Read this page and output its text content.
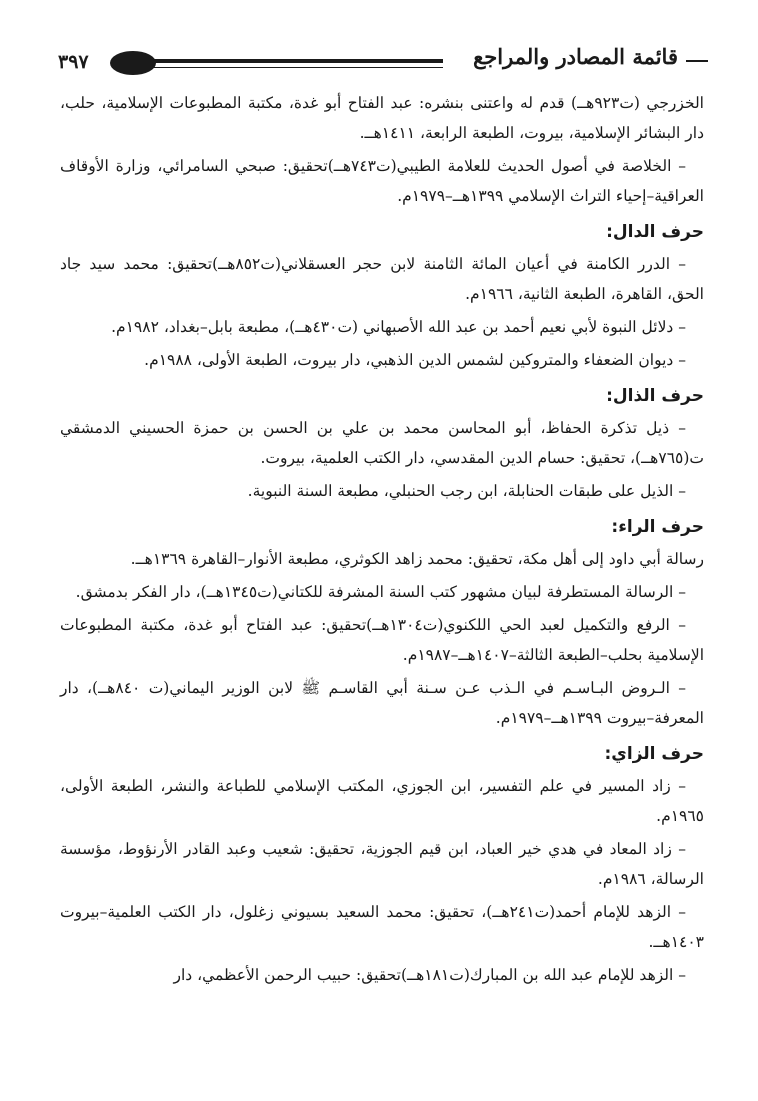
قائمة المصادر والمراجع
٣٩٧

الخزرجي (ت٩٢٣هــ) قدم له واعتنى بنشره: عبد الفتاح أبو غدة، مكتبة المطبوعات الإسلامية، حلب، دار البشائر الإسلامية، بيروت، الطبعة الرابعة، ١٤١١هــ.

– الخلاصة في أصول الحديث للعلامة الطيبي(ت٧٤٣هــ)تحقيق: صبحي السامرائي، وزارة الأوقاف العراقية–إحياء التراث الإسلامي ١٣٩٩هــ–١٩٧٩م.

حرف الدال:

– الدرر الكامنة في أعيان المائة الثامنة لابن حجر العسقلاني(ت٨٥٢هــ)تحقيق: محمد سيد جاد الحق، القاهرة، الطبعة الثانية، ١٩٦٦م.

– دلائل النبوة لأبي نعيم أحمد بن عبد الله الأصبهاني (ت٤٣٠هــ)، مطبعة بابل–بغداد، ١٩٨٢م.

– ديوان الضعفاء والمتروكين لشمس الدين الذهبي، دار بيروت، الطبعة الأولى، ١٩٨٨م.

حرف الذال:

– ذيل تذكرة الحفاظ، أبو المحاسن محمد بن علي بن الحسن بن حمزة الحسيني الدمشقي ت(٧٦٥هــ)، تحقيق: حسام الدين المقدسي، دار الكتب العلمية، بيروت.

– الذيل على طبقات الحنابلة، ابن رجب الحنبلي، مطبعة السنة النبوية.

حرف الراء:

رسالة أبي داود إلى أهل مكة، تحقيق: محمد زاهد الكوثري، مطبعة الأنوار–القاهرة ١٣٦٩هــ.

– الرسالة المستطرفة لبيان مشهور كتب السنة المشرفة للكتاني(ت١٣٤٥هــ)، دار الفكر بدمشق.

– الرفع والتكميل لعبد الحي اللكنوي(ت١٣٠٤هــ)تحقيق: عبد الفتاح أبو غدة، مكتبة المطبوعات الإسلامية بحلب–الطبعة الثالثة–١٤٠٧هــ–١٩٨٧م.

– الـروض البـاسـم في الـذب عـن سـنة أبي القاسـم ﷺ لابن الوزير اليماني(ت ٨٤٠هــ)، دار المعرفة–بيروت ١٣٩٩هــ–١٩٧٩م.

حرف الزاي:

– زاد المسير في علم التفسير، ابن الجوزي، المكتب الإسلامي للطباعة والنشر، الطبعة الأولى، ١٩٦٥م.

– زاد المعاد في هدي خير العباد، ابن قيم الجوزية، تحقيق: شعيب وعبد القادر الأرنؤوط، مؤسسة الرسالة، ١٩٨٦م.

– الزهد للإمام أحمد(ت٢٤١هــ)، تحقيق: محمد السعيد بسيوني زغلول، دار الكتب العلمية–بيروت ١٤٠٣هــ.

– الزهد للإمام عبد الله بن المبارك(ت١٨١هــ)تحقيق: حبيب الرحمن الأعظمي، دار
